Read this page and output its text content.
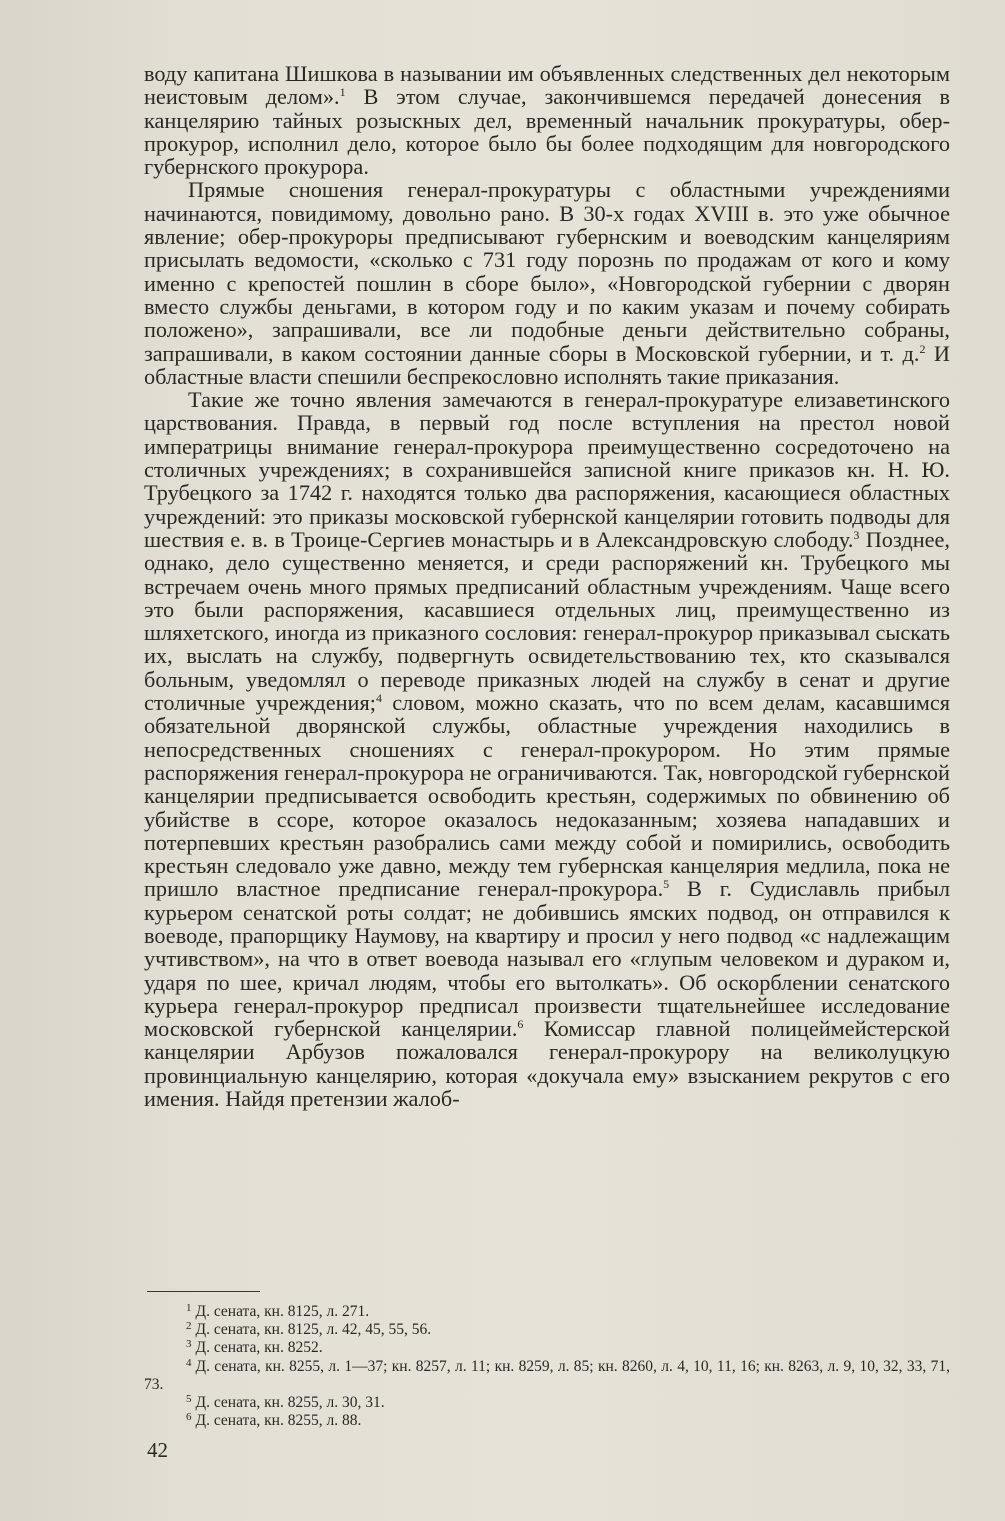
воду капитана Шишкова в назывании им объявленных следственных дел некоторым неистовым делом».$^1$ В этом случае, закончившемся передачей донесения в канцелярию тайных розыскных дел, временный начальник прокуратуры, обер-прокурор, исполнил дело, которое было бы более подходящим для новгородского губернского прокурора.

Прямые сношения генерал-прокуратуры с областными учреждениями начинаются, повидимому, довольно рано. В 30-х годах XVIII в. это уже обычное явление; обер-прокуроры предписывают губернским и воеводским канцеляриям присылать ведомости, «сколько с 731 году порознь по продажам от кого и кому именно с крепостей пошлин в сборе было», «Новгородской губернии с дворян вместо службы деньгами, в котором году и по каким указам и почему собирать положено», запрашивали, все ли подобные деньги действительно собраны, запрашивали, в каком состоянии данные сборы в Московской губернии, и т. д.$^2$ И областные власти спешили беспрекословно исполнять такие приказания.

Такие же точно явления замечаются в генерал-прокуратуре елизаветинского царствования. Правда, в первый год после вступления на престол новой императрицы внимание генерал-прокурора преимущественно сосредоточено на столичных учреждениях; в сохранившейся записной книге приказов кн. Н. Ю. Трубецкого за 1742 г. находятся только два распоряжения, касающиеся областных учреждений: это приказы московской губернской канцелярии готовить подводы для шествия е. в. в Троице-Сергиев монастырь и в Александровскую слободу.$^3$ Позднее, однако, дело существенно меняется, и среди распоряжений кн. Трубецкого мы встречаем очень много прямых предписаний областным учреждениям. Чаще всего это были распоряжения, касавшиеся отдельных лиц, преимущественно из шляхетского, иногда из приказного сословия: генерал-прокурор приказывал сыскать их, выслать на службу, подвергнуть освидетельствованию тех, кто сказывался больным, уведомлял о переводе приказных людей на службу в сенат и другие столичные учреждения;$^4$ словом, можно сказать, что по всем делам, касавшимся обязательной дворянской службы, областные учреждения находились в непосредственных сношениях с генерал-прокурором. Но этим прямые распоряжения генерал-прокурора не ограничиваются. Так, новгородской губернской канцелярии предписывается освободить крестьян, содержимых по обвинению об убийстве в ссоре, которое оказалось недоказанным; хозяева нападавших и потерпевших крестьян разобрались сами между собой и помирились, освободить крестьян следовало уже давно, между тем губернская канцелярия медлила, пока не пришло властное предписание генерал-прокурора.$^5$ В г. Судиславль прибыл курьером сенатской роты солдат; не добившись ямских подвод, он отправился к воеводе, прапорщику Наумову, на квартиру и просил у него подвод «с надлежащим учтивством», на что в ответ воевода называл его «глупым человеком и дураком и, ударя по шее, кричал людям, чтобы его вытолкать». Об оскорблении сенатского курьера генерал-прокурор предписал произвести тщательнейшее исследование московской губернской канцелярии.$^6$ Комиссар главной полицеймейстерской канцелярии Арбузов пожаловался генерал-прокурору на великолуцкую провинциальную канцелярию, которая «докучала ему» взысканием рекрутов с его имения. Найдя претензии жалоб-

$^1$ Д. сената, кн. 8125, л. 271.

$^2$ Д. сената, кн. 8125, л. 42, 45, 55, 56.

$^3$ Д. сената, кн. 8252.

$^4$ Д. сената, кн. 8255, л. 1—37; кн. 8257, л. 11; кн. 8259, л. 85; кн. 8260, л. 4, 10, 11, 16; кн. 8263, л. 9, 10, 32, 33, 71, 73.

$^5$ Д. сената, кн. 8255, л. 30, 31.

$^6$ Д. сената, кн. 8255, л. 88.

42
